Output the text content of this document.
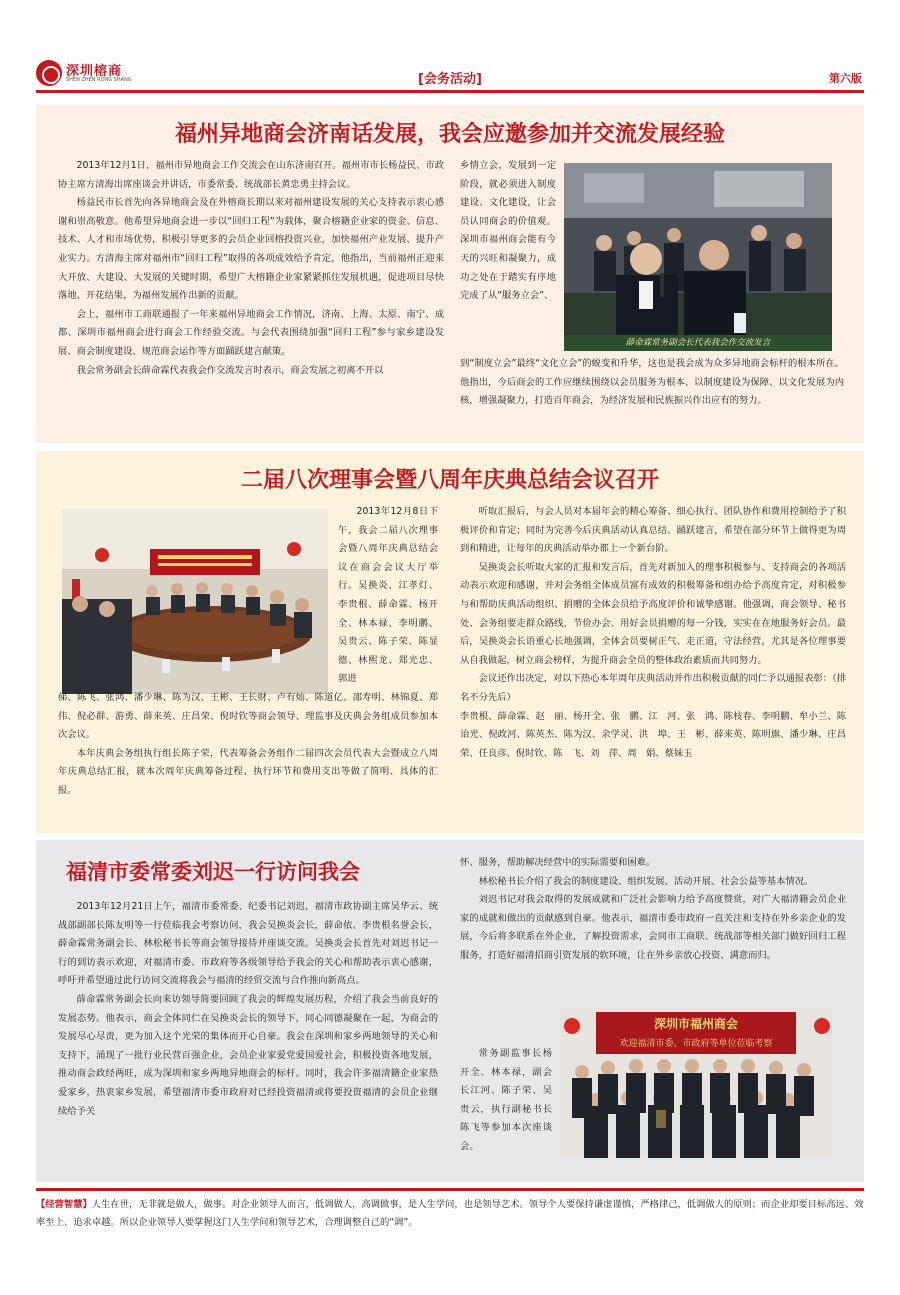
深圳榕商
SHEN ZHEN RONG SHANG	[会务活动]	第六版
福州异地商会济南话发展，我会应邀参加并交流发展经验

2013年12月1日，福州市异地商会工作交流会在山东济南召开。福州市市长杨益民、市政协主席方清海出席座谈会并讲话，市委常委、统战部长黄忠勇主持会议。

杨益民市长首先向各异地商会及在外榕商长期以来对福州建设发展的关心支持表示衷心感谢和崇高敬意。他希望异地商会进一步以“回归工程”为载体，聚合榕籍企业家的资金、信息、技术、人才和市场优势，积极引导更多的会员企业回榕投资兴业，加快福州产业发展、提升产业实力。方清海主席对福州市“回归工程”取得的各项成效给予肯定，他指出，当前福州正迎来大开放、大建设、大发展的关键时期，希望广大榕籍企业家紧紧抓住发展机遇，促进项目尽快落地、开花结果，为福州发展作出新的贡献。

会上，福州市工商联通报了一年来福州异地商会工作情况，济南、上海、太原、南宁、成都、深圳市福州商会进行商会工作经验交流。与会代表围绕加强“回归工程”参与家乡建设发展、商会制度建设、规范商会运作等方面踊跃建言献策。

我会常务副会长薛命霖代表我会作交流发言时表示，商会发展之初离不开以

乡情立会，发展到一定阶段，就必须进入制度建设、文化建设，让会员认同商会的价值观。深圳市福州商会能有今天的兴旺和凝聚力，成功之处在于踏实有序地完成了从“服务立会”、

薛命霖常务副会长代表我会作交流发言

到“制度立会”最终“文化立会”的蜕变和升华，这也是我会成为众多异地商会标杆的根本所在。他指出，今后商会的工作应继续围绕以会员服务为根本、以制度建设为保障、以文化发展为内核，增强凝聚力，打造百年商会，为经济发展和民族振兴作出应有的努力。

二届八次理事会暨八周年庆典总结会议召开

2013年12月8日下午，我会二届八次理事会暨八周年庆典总结会议在商会会议大厅举行。吴换炎、江孝灯、李贵根、薛命霖、杨开全、林本禄、李明鹏、吴贵云、陈子荣、陈显德、林熙龙、郑光忠、郭进

俤、陈飞、张鸿、潘少琳、陈为汉、王彬、王长财、卢有灿、陈道亿、邵寿明、林锦夏、郑伟、倪必群、游勇、薛来英、庄昌荣、倪时钦等商会领导、理监事及庆典会务组成员参加本次会议。

本年庆典会务组执行组长陈子荣，代表筹备会务组作二届四次会员代表大会暨成立八周年庆典总结汇报，就本次周年庆典筹备过程、执行环节和费用支出等做了简明、具体的汇报。

听取汇报后，与会人员对本届年会的精心筹备、细心执行、团队协作和费用控制给予了积极评价和肯定；同时为完善今后庆典活动认真总结、踊跃建言，希望在部分环节上做得更为周到和精进，让每年的庆典活动举办都上一个新台阶。

吴换炎会长听取大家的汇报和发言后，首先对新加入的理事积极参与、支持商会的各项活动表示欢迎和感谢，并对会务组全体成员富有成效的积极筹备和组办给予高度肯定，对积极参与和帮助庆典活动组织、捐赠的全体会员给予高度评价和诚挚感谢。他强调，商会领导、秘书处、会务组要走群众路线，节俭办会、用好会员捐赠的每一分钱，实实在在地服务好会员。最后，吴换炎会长语重心长地强调，全体会员要树正气、走正道，守法经营，尤其是各位理事要从自我做起，树立商会榜样，为提升商会全员的整体政治素质而共同努力。

会议还作出决定，对以下热心本年周年庆典活动并作出积极贡献的同仁予以通报表彰：（排名不分先后）

李贵根、薛命霖、赵　丽、杨开全、张　鹏、江　河、张　鸿、陈枝春、李明鹏、牟小兰、陈诒光、倪政河、陈英杰、陈为汉、余学灵、洪　埠、王　彬、薛来英、陈明旗、潘少琳、庄昌荣、任良彦、倪时钦、陈　飞、刘　萍、周　娟、蔡妹玉

福清市委常委刘迟一行访问我会

2013年12月21日上午，福清市委常委、纪委书记刘迟，福清市政协副主席吴华云、统战部副部长陈友明等一行莅临我会考察访问，我会吴换炎会长，薛命依、李贵根名誉会长，薛命霖常务副会长、林松秘书长等商会领导接待并座谈交流。吴换炎会长首先对刘迟书记一行的到访表示欢迎，对福清市委、市政府等各级领导给予我会的关心和帮助表示衷心感谢，呼吁并希望通过此行访问交流将我会与福清的经贸交流与合作推向新高点。

薛命霖常务副会长向来访领导简要回顾了我会的辉煌发展历程，介绍了我会当前良好的发展态势。他表示，商会全体同仁在吴换炎会长的领导下，同心同德凝聚在一起，为商会的发展尽心尽责，更为加入这个光荣的集体而开心自豪。我会在深圳和家乡两地领导的关心和支持下，涌现了一批行业民营百强企业，会员企业家爱党爱国爱社会，积极投资各地发展，推动商会政经两旺，成为深圳和家乡两地异地商会的标杆。同时，我会许多福清籍企业家热爱家乡，热衷家乡发展，希望福清市委市政府对已经投资福清或将要投资福清的会员企业继续给予关

怀、服务，帮助解决经营中的实际需要和困难。

林松秘书长介绍了我会的制度建设、组织发展、活动开展、社会公益等基本情况。

刘迟书记对我会取得的发展成就和广泛社会影响力给予高度赞赏，对广大福清籍会员企业家的成就和做出的贡献感到自豪。他表示，福清市委市政府一直关注和支持在外乡亲企业的发展，今后将多联系在外企业，了解投资需求，会同市工商联、统战部等相关部门做好回归工程服务，打造好福清招商引资发展的软环境，让在外乡亲放心投资、满意而归。

常务副监事长杨开全、林本禄，副会长江河、陈子荣、吴贵云，执行副秘书长陈飞等参加本次座谈会。

深圳市福州商会
欢迎福清市委、市政府等单位莅临考察
【经营智慧】人生在世，无非就是做人，做事。对企业领导人而言，低调做人，高调做事，是人生学问，也是领导艺术。领导个人要保持谦虚谨慎，严格律己，低调做人的原则；而企业却要目标高远、效率至上、追求卓越。所以企业领导人要掌握这门人生学问和领导艺术，合理调整自己的“调”。
